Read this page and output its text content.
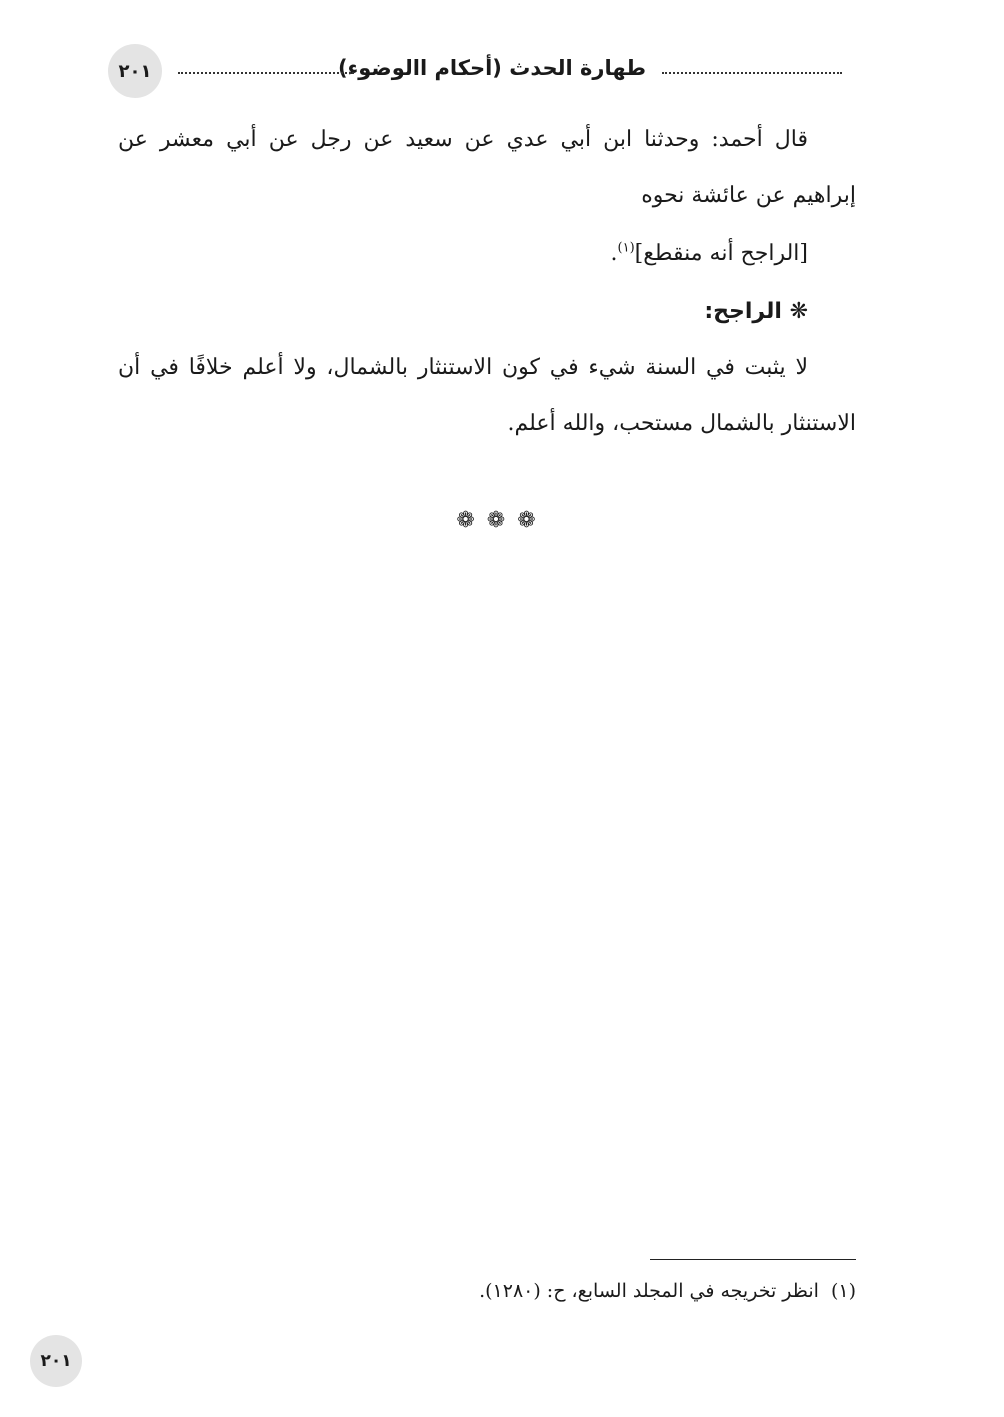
طهارة الحدث (أحكام االوضوء)
٢٠١

قال أحمد: وحدثنا ابن أبي عدي عن سعيد عن رجل عن أبي معشر عن إبراهيم عن عائشة نحوه

[الراجح أنه منقطع]$^{(١)}$.

❋ الراجح:

لا يثبت في السنة شيء في كون الاستنثار بالشمال، ولا أعلم خلافًا في أن الاستنثار بالشمال مستحب، والله أعلم.

❁❁❁
(١)انظر تخريجه في المجلد السابع، ح: (١٢٨٠).
٢٠١
